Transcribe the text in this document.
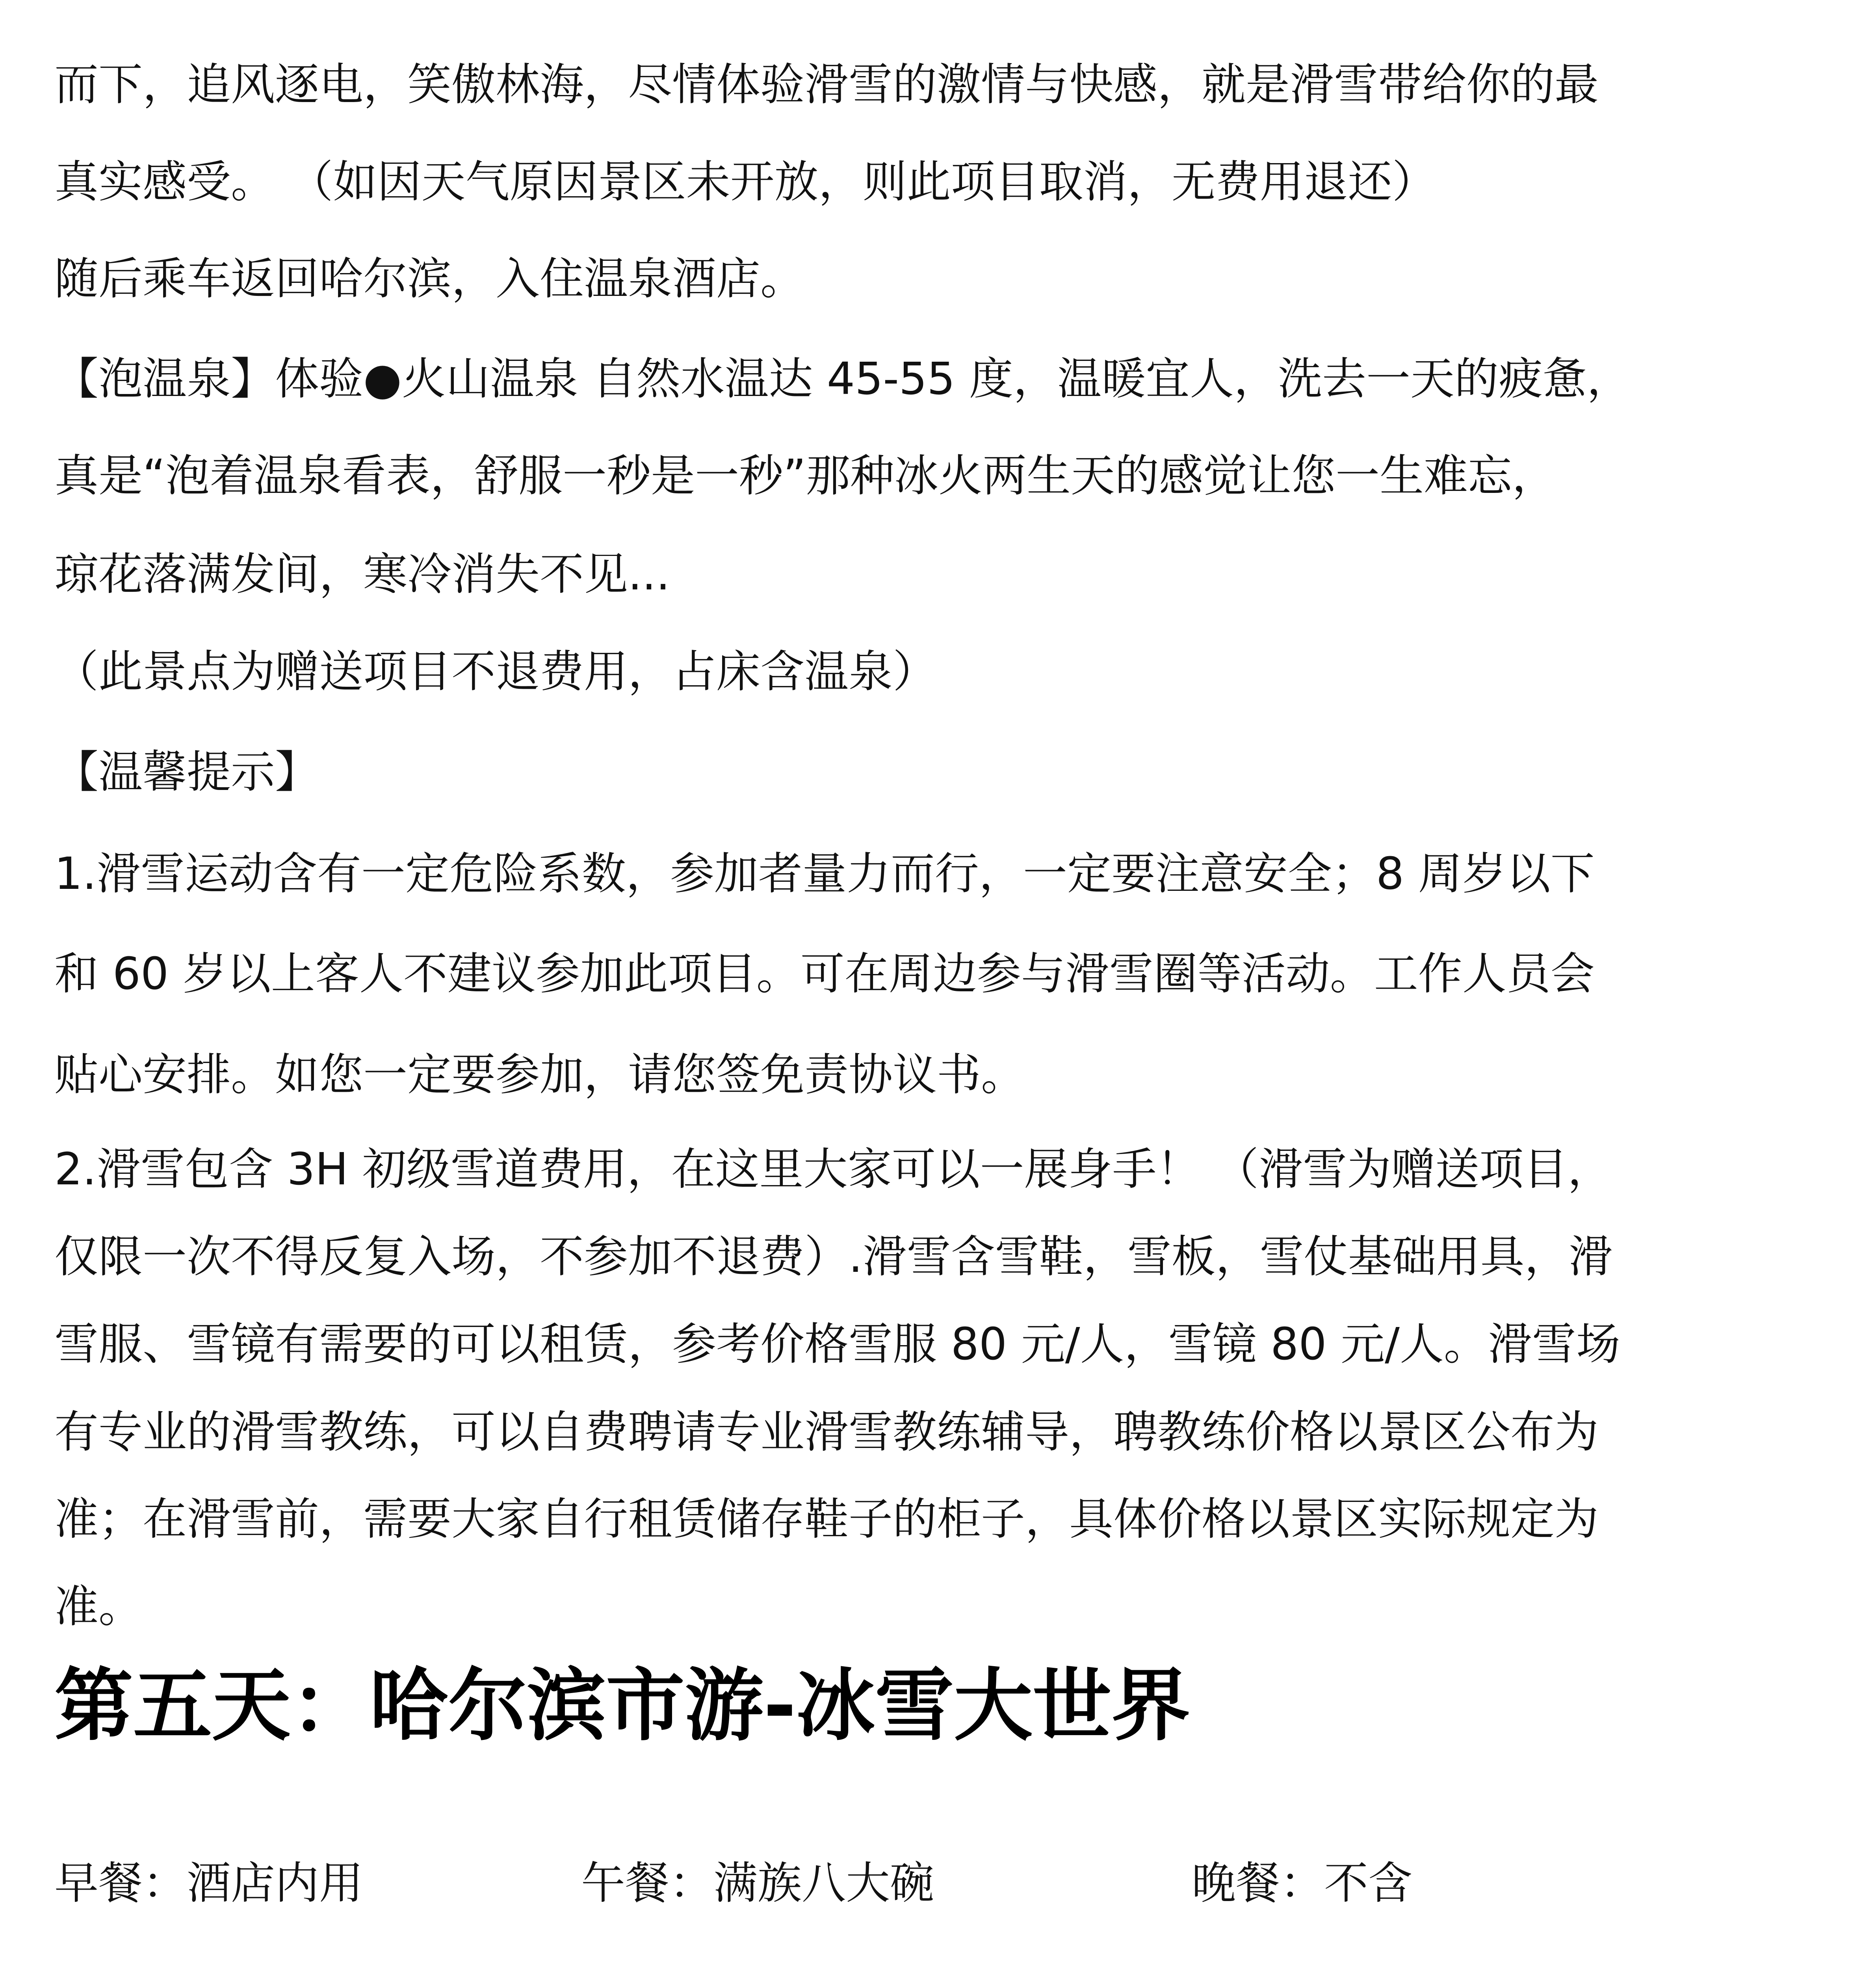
而下，追风逐电，笑傲林海，尽情体验滑雪的激情与快感，就是滑雪带给你的最
真实感受。 （如因天气原因景区未开放，则此项目取消，无费用退还）
随后乘车返回哈尔滨，入住温泉酒店。
【泡温泉】体验●火山温泉 自然水温达 45-55 度，温暖宜人，洗去一天的疲惫，
真是“泡着温泉看表，舒服一秒是一秒”那种冰火两生天的感觉让您一生难忘，
琼花落满发间，寒冷消失不见...
（此景点为赠送项目不退费用，占床含温泉）
【温馨提示】
1.滑雪运动含有一定危险系数，参加者量力而行，一定要注意安全；8 周岁以下
和 60 岁以上客人不建议参加此项目。可在周边参与滑雪圈等活动。工作人员会
贴心安排。如您一定要参加，请您签免责协议书。
2.滑雪包含 3H 初级雪道费用，在这里大家可以一展身手！ （滑雪为赠送项目，
仅限一次不得反复入场，不参加不退费）.滑雪含雪鞋，雪板，雪仗基础用具，滑
雪服、雪镜有需要的可以租赁，参考价格雪服 80 元/人，雪镜 80 元/人。滑雪场
有专业的滑雪教练，可以自费聘请专业滑雪教练辅导，聘教练价格以景区公布为
准；在滑雪前，需要大家自行租赁储存鞋子的柜子，具体价格以景区实际规定为
准。
第五天：哈尔滨市游-冰雪大世界
早餐：酒店内用	午餐：满族八大碗	晚餐：不含
